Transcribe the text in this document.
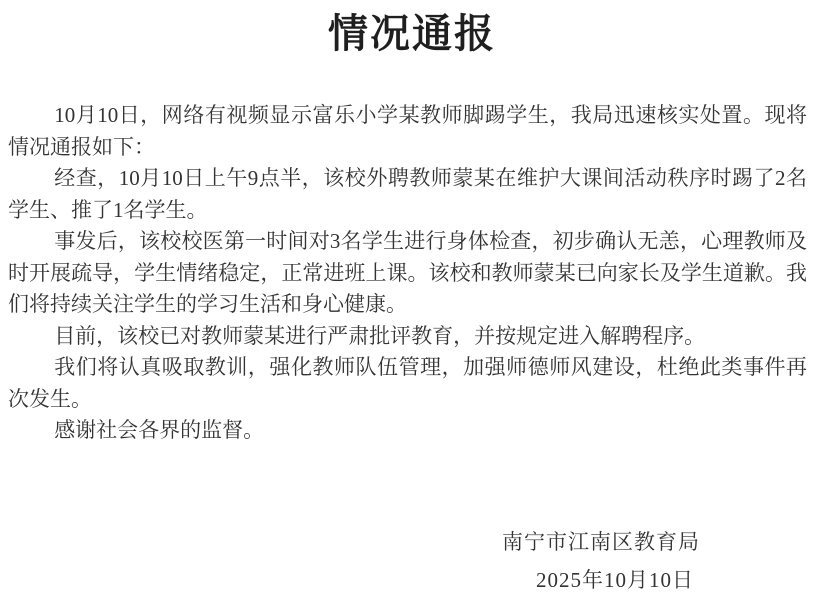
情况通报

10月10日，网络有视频显示富乐小学某教师脚踢学生，我局迅速核实处置。现将情况通报如下：

经查，10月10日上午9点半，该校外聘教师蒙某在维护大课间活动秩序时踢了2名学生、推了1名学生。

事发后，该校校医第一时间对3名学生进行身体检查，初步确认无恙，心理教师及时开展疏导，学生情绪稳定，正常进班上课。该校和教师蒙某已向家长及学生道歉。我们将持续关注学生的学习生活和身心健康。

目前，该校已对教师蒙某进行严肃批评教育，并按规定进入解聘程序。

我们将认真吸取教训，强化教师队伍管理，加强师德师风建设，杜绝此类事件再次发生。

感谢社会各界的监督。

南宁市江南区教育局
2025年10月10日
